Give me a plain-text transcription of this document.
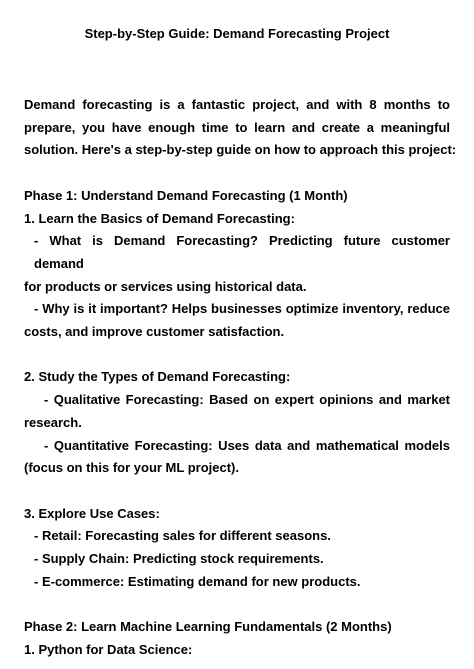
Step-by-Step Guide: Demand Forecasting Project
Demand forecasting is a fantastic project, and with 8 months to
prepare, you have enough time to learn and create a meaningful
solution. Here's a step-by-step guide on how to approach this project:
Phase 1: Understand Demand Forecasting (1 Month)
1. Learn the Basics of Demand Forecasting:
- What is Demand Forecasting? Predicting future customer demand
for products or services using historical data.
- Why is it important? Helps businesses optimize inventory, reduce
costs, and improve customer satisfaction.
2. Study the Types of Demand Forecasting:
- Qualitative Forecasting: Based on expert opinions and market
research.
- Quantitative Forecasting: Uses data and mathematical models
(focus on this for your ML project).
3. Explore Use Cases:
- Retail: Forecasting sales for different seasons.
- Supply Chain: Predicting stock requirements.
- E-commerce: Estimating demand for new products.
Phase 2: Learn Machine Learning Fundamentals (2 Months)
1. Python for Data Science:
